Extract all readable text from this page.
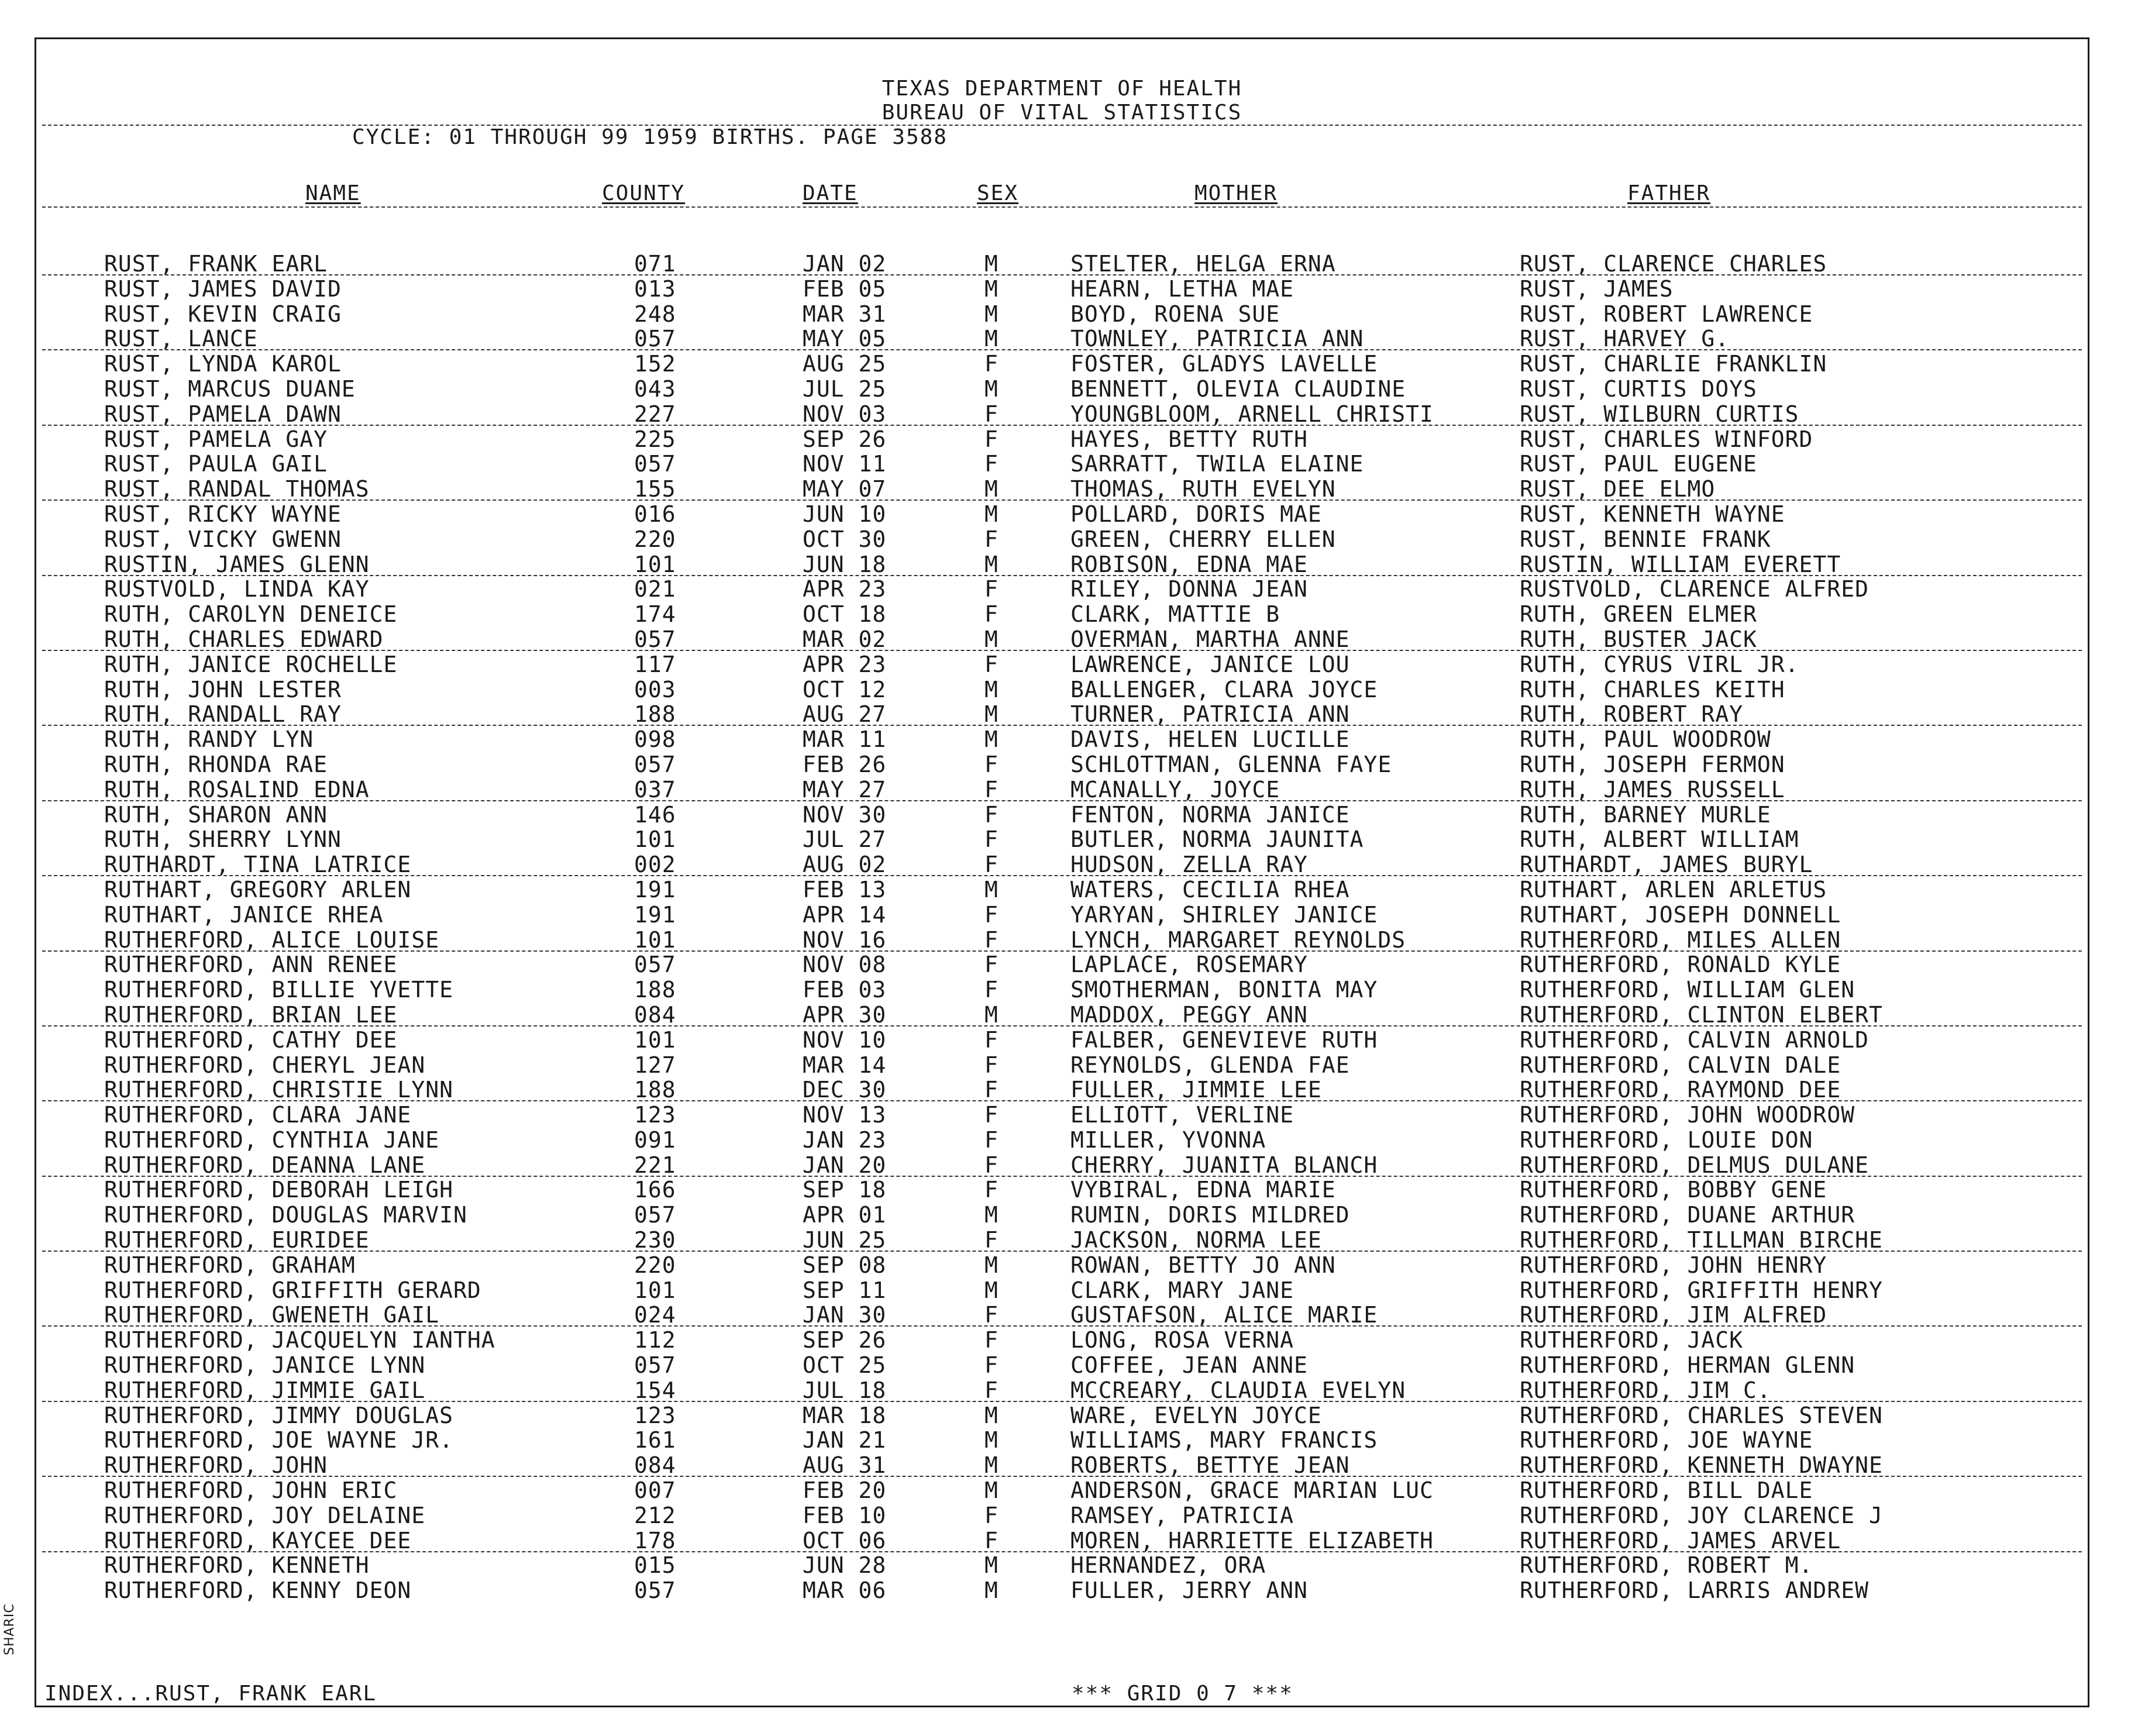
TEXAS DEPARTMENT OF HEALTH
BUREAU OF VITAL STATISTICS
CYCLE: 01 THROUGH 99 1959 BIRTHS. PAGE 3588
NAME	COUNTY	DATE	SEX	MOTHER	FATHER
RUST, FRANK EARL	071	JAN 02	M	STELTER, HELGA ERNA	RUST, CLARENCE CHARLES
RUST, JAMES DAVID	013	FEB 05	M	HEARN, LETHA MAE	RUST, JAMES
RUST, KEVIN CRAIG	248	MAR 31	M	BOYD, ROENA SUE	RUST, ROBERT LAWRENCE
RUST, LANCE	057	MAY 05	M	TOWNLEY, PATRICIA ANN	RUST, HARVEY G.
RUST, LYNDA KAROL	152	AUG 25	F	FOSTER, GLADYS LAVELLE	RUST, CHARLIE FRANKLIN
RUST, MARCUS DUANE	043	JUL 25	M	BENNETT, OLEVIA CLAUDINE	RUST, CURTIS DOYS
RUST, PAMELA DAWN	227	NOV 03	F	YOUNGBLOOM, ARNELL CHRISTI	RUST, WILBURN CURTIS
RUST, PAMELA GAY	225	SEP 26	F	HAYES, BETTY RUTH	RUST, CHARLES WINFORD
RUST, PAULA GAIL	057	NOV 11	F	SARRATT, TWILA ELAINE	RUST, PAUL EUGENE
RUST, RANDAL THOMAS	155	MAY 07	M	THOMAS, RUTH EVELYN	RUST, DEE ELMO
RUST, RICKY WAYNE	016	JUN 10	M	POLLARD, DORIS MAE	RUST, KENNETH WAYNE
RUST, VICKY GWENN	220	OCT 30	F	GREEN, CHERRY ELLEN	RUST, BENNIE FRANK
RUSTIN, JAMES GLENN	101	JUN 18	M	ROBISON, EDNA MAE	RUSTIN, WILLIAM EVERETT
RUSTVOLD, LINDA KAY	021	APR 23	F	RILEY, DONNA JEAN	RUSTVOLD, CLARENCE ALFRED
RUTH, CAROLYN DENEICE	174	OCT 18	F	CLARK, MATTIE B	RUTH, GREEN ELMER
RUTH, CHARLES EDWARD	057	MAR 02	M	OVERMAN, MARTHA ANNE	RUTH, BUSTER JACK
RUTH, JANICE ROCHELLE	117	APR 23	F	LAWRENCE, JANICE LOU	RUTH, CYRUS VIRL JR.
RUTH, JOHN LESTER	003	OCT 12	M	BALLENGER, CLARA JOYCE	RUTH, CHARLES KEITH
RUTH, RANDALL RAY	188	AUG 27	M	TURNER, PATRICIA ANN	RUTH, ROBERT RAY
RUTH, RANDY LYN	098	MAR 11	M	DAVIS, HELEN LUCILLE	RUTH, PAUL WOODROW
RUTH, RHONDA RAE	057	FEB 26	F	SCHLOTTMAN, GLENNA FAYE	RUTH, JOSEPH FERMON
RUTH, ROSALIND EDNA	037	MAY 27	F	MCANALLY, JOYCE	RUTH, JAMES RUSSELL
RUTH, SHARON ANN	146	NOV 30	F	FENTON, NORMA JANICE	RUTH, BARNEY MURLE
RUTH, SHERRY LYNN	101	JUL 27	F	BUTLER, NORMA JAUNITA	RUTH, ALBERT WILLIAM
RUTHARDT, TINA LATRICE	002	AUG 02	F	HUDSON, ZELLA RAY	RUTHARDT, JAMES BURYL
RUTHART, GREGORY ARLEN	191	FEB 13	M	WATERS, CECILIA RHEA	RUTHART, ARLEN ARLETUS
RUTHART, JANICE RHEA	191	APR 14	F	YARYAN, SHIRLEY JANICE	RUTHART, JOSEPH DONNELL
RUTHERFORD, ALICE LOUISE	101	NOV 16	F	LYNCH, MARGARET REYNOLDS	RUTHERFORD, MILES ALLEN
RUTHERFORD, ANN RENEE	057	NOV 08	F	LAPLACE, ROSEMARY	RUTHERFORD, RONALD KYLE
RUTHERFORD, BILLIE YVETTE	188	FEB 03	F	SMOTHERMAN, BONITA MAY	RUTHERFORD, WILLIAM GLEN
RUTHERFORD, BRIAN LEE	084	APR 30	M	MADDOX, PEGGY ANN	RUTHERFORD, CLINTON ELBERT
RUTHERFORD, CATHY DEE	101	NOV 10	F	FALBER, GENEVIEVE RUTH	RUTHERFORD, CALVIN ARNOLD
RUTHERFORD, CHERYL JEAN	127	MAR 14	F	REYNOLDS, GLENDA FAE	RUTHERFORD, CALVIN DALE
RUTHERFORD, CHRISTIE LYNN	188	DEC 30	F	FULLER, JIMMIE LEE	RUTHERFORD, RAYMOND DEE
RUTHERFORD, CLARA JANE	123	NOV 13	F	ELLIOTT, VERLINE	RUTHERFORD, JOHN WOODROW
RUTHERFORD, CYNTHIA JANE	091	JAN 23	F	MILLER, YVONNA	RUTHERFORD, LOUIE DON
RUTHERFORD, DEANNA LANE	221	JAN 20	F	CHERRY, JUANITA BLANCH	RUTHERFORD, DELMUS DULANE
RUTHERFORD, DEBORAH LEIGH	166	SEP 18	F	VYBIRAL, EDNA MARIE	RUTHERFORD, BOBBY GENE
RUTHERFORD, DOUGLAS MARVIN	057	APR 01	M	RUMIN, DORIS MILDRED	RUTHERFORD, DUANE ARTHUR
RUTHERFORD, EURIDEE	230	JUN 25	F	JACKSON, NORMA LEE	RUTHERFORD, TILLMAN BIRCHE
RUTHERFORD, GRAHAM	220	SEP 08	M	ROWAN, BETTY JO ANN	RUTHERFORD, JOHN HENRY
RUTHERFORD, GRIFFITH GERARD	101	SEP 11	M	CLARK, MARY JANE	RUTHERFORD, GRIFFITH HENRY
RUTHERFORD, GWENETH GAIL	024	JAN 30	F	GUSTAFSON, ALICE MARIE	RUTHERFORD, JIM ALFRED
RUTHERFORD, JACQUELYN IANTHA	112	SEP 26	F	LONG, ROSA VERNA	RUTHERFORD, JACK
RUTHERFORD, JANICE LYNN	057	OCT 25	F	COFFEE, JEAN ANNE	RUTHERFORD, HERMAN GLENN
RUTHERFORD, JIMMIE GAIL	154	JUL 18	F	MCCREARY, CLAUDIA EVELYN	RUTHERFORD, JIM C.
RUTHERFORD, JIMMY DOUGLAS	123	MAR 18	M	WARE, EVELYN JOYCE	RUTHERFORD, CHARLES STEVEN
RUTHERFORD, JOE WAYNE JR.	161	JAN 21	M	WILLIAMS, MARY FRANCIS	RUTHERFORD, JOE WAYNE
RUTHERFORD, JOHN	084	AUG 31	M	ROBERTS, BETTYE JEAN	RUTHERFORD, KENNETH DWAYNE
RUTHERFORD, JOHN ERIC	007	FEB 20	M	ANDERSON, GRACE MARIAN LUC	RUTHERFORD, BILL DALE
RUTHERFORD, JOY DELAINE	212	FEB 10	F	RAMSEY, PATRICIA	RUTHERFORD, JOY CLARENCE J
RUTHERFORD, KAYCEE DEE	178	OCT 06	F	MOREN, HARRIETTE ELIZABETH	RUTHERFORD, JAMES ARVEL
RUTHERFORD, KENNETH	015	JUN 28	M	HERNANDEZ, ORA	RUTHERFORD, ROBERT M.
RUTHERFORD, KENNY DEON	057	MAR 06	M	FULLER, JERRY ANN	RUTHERFORD, LARRIS ANDREW
INDEX...RUST, FRANK EARL	*** GRID 0 7 ***
SHARIC
